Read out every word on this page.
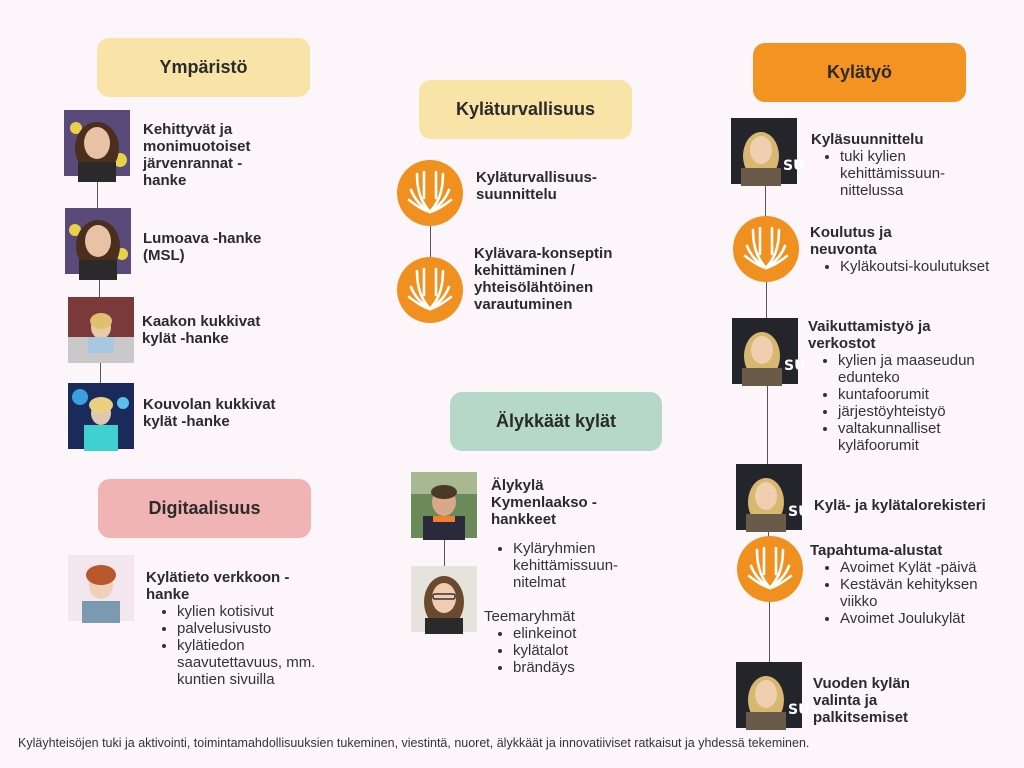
Ympäristö
Kehittyvät ja monimuotoiset järvenrannat -hanke
Lumoava -hanke (MSL)
Kaakon kukkivat kylät -hanke
Kouvolan kukkivat kylät -hanke
Digitaalisuus
Kylätieto verkkoon -hanke
• kylien kotisivut
• palvelusivusto
• kylätiedon saavutettavuus, mm. kuntien sivuilla
Kyläturvallisuus
Kyläturvallisuus-suunnittelu
Kylävara-konseptin kehittäminen / yhteisölähtöinen varautuminen
Älykkäät kylät
Älykylä Kymenlaakso -hankkeet
• Kyläryhmien kehittämissuun-nitelmat
Teemaryhmät
• elinkeinot
• kylätalot
• brändäys
Kylätyö
SU
Kyläsuunnittelu
• tuki kylien kehittämissuun-nittelussa
Koulutus ja neuvonta
• Kyläkoutsi-koulutukset
SU
Vaikuttamistyö ja verkostot
• kylien ja maaseudun edunteko
• kuntafoorumit
• järjestöyhteistyö
• valtakunnalliset kyläfoorumit
SU Kylä- ja kylätalorekisteri
Tapahtuma-alustat
• Avoimet Kylät -päivä
• Kestävän kehityksen viikko
• Avoimet Joulukylät
SU
Vuoden kylän valinta ja palkitsemiset
Kyläyhteisöjen tuki ja aktivointi, toimintamahdollisuuksien tukeminen, viestintä, nuoret, älykkäät ja innovatiiviset ratkaisut ja yhdessä tekeminen.
